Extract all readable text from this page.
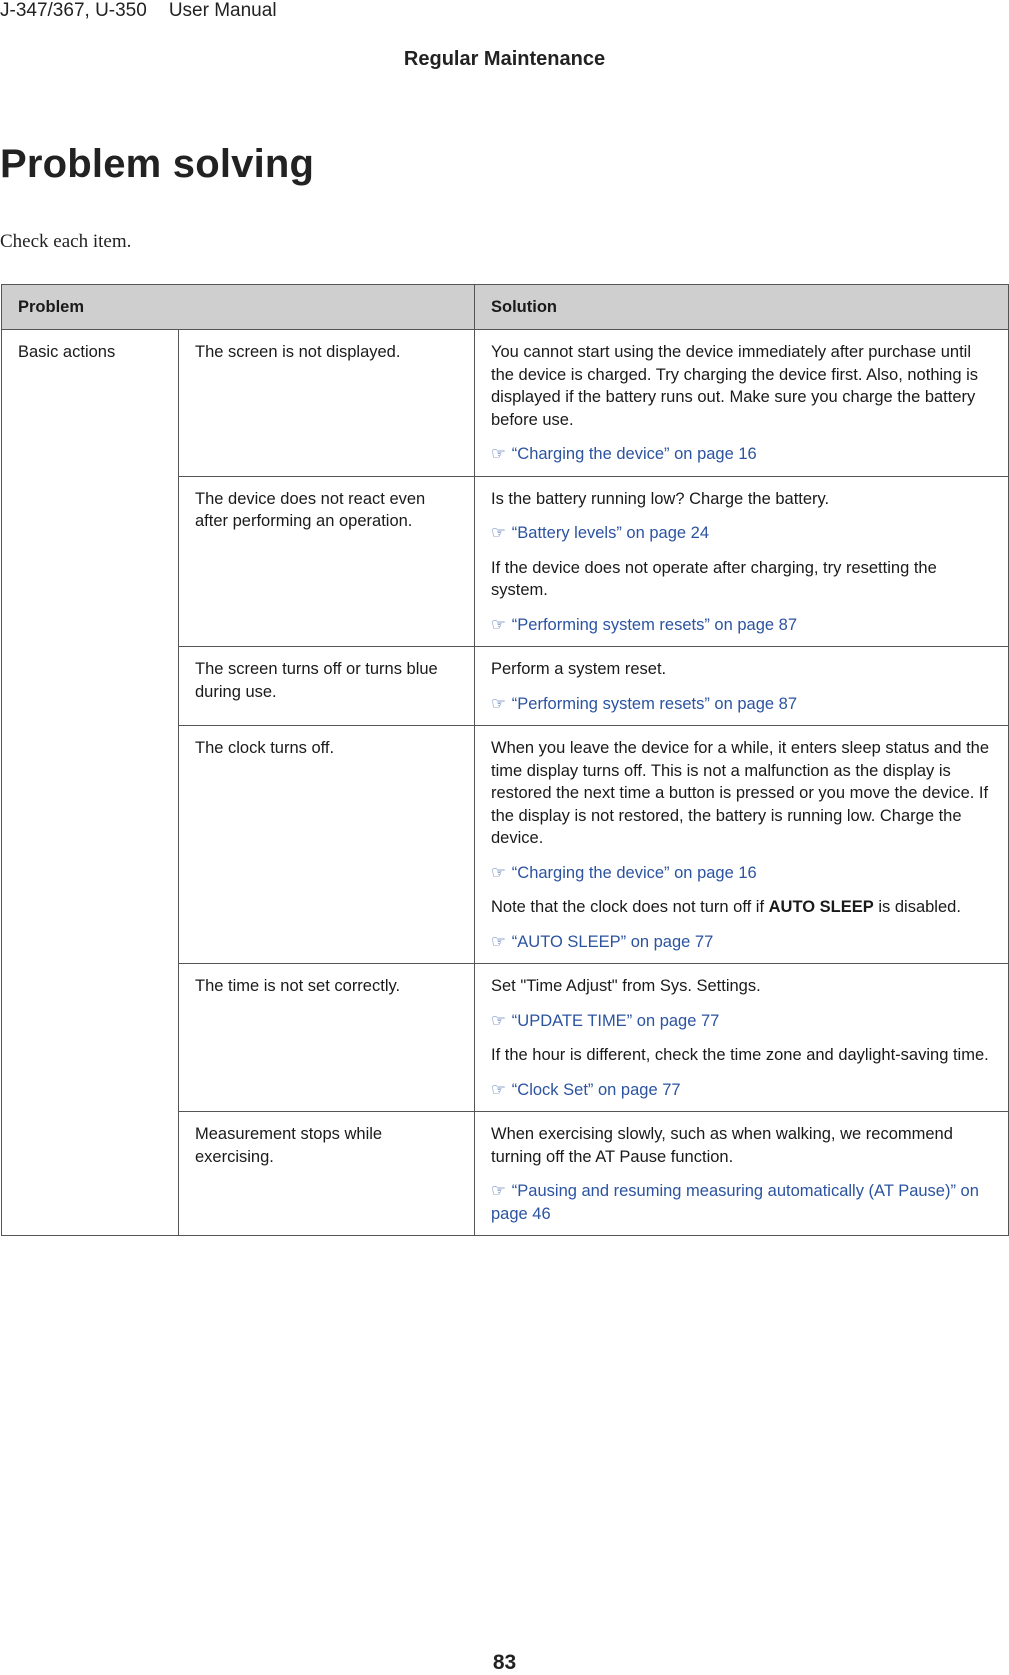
J-347/367, U-350 User Manual
Regular Maintenance
Problem solving

Check each item.

Problem		Solution
Basic actions	The screen is not displayed.	You cannot start using the device immediately after purchase until the device is charged. Try charging the device first. Also, nothing is displayed if the battery runs out. Make sure you charge the battery before use.

☞ “Charging the device” on page 16

	The device does not react even after performing an operation.	Is the battery running low? Charge the battery.

☞ “Battery levels” on page 24

If the device does not operate after charging, try resetting the system.

☞ “Performing system resets” on page 87

	The screen turns off or turns blue during use.	Perform a system reset.

☞ “Performing system resets” on page 87

	The clock turns off.	When you leave the device for a while, it enters sleep status and the time display turns off. This is not a malfunction as the display is restored the next time a button is pressed or you move the device. If the display is not restored, the battery is running low. Charge the device.

☞ “Charging the device” on page 16

Note that the clock does not turn off if AUTO SLEEP is disabled.

☞ “AUTO SLEEP” on page 77

	The time is not set correctly.	Set "Time Adjust" from Sys. Settings.

☞ “UPDATE TIME” on page 77

If the hour is different, check the time zone and daylight-saving time.

☞ “Clock Set” on page 77

	Measurement stops while exercising.	When exercising slowly, such as when walking, we recommend turning off the AT Pause function.

☞ “Pausing and resuming measuring automatically (AT Pause)” on page 46

83
